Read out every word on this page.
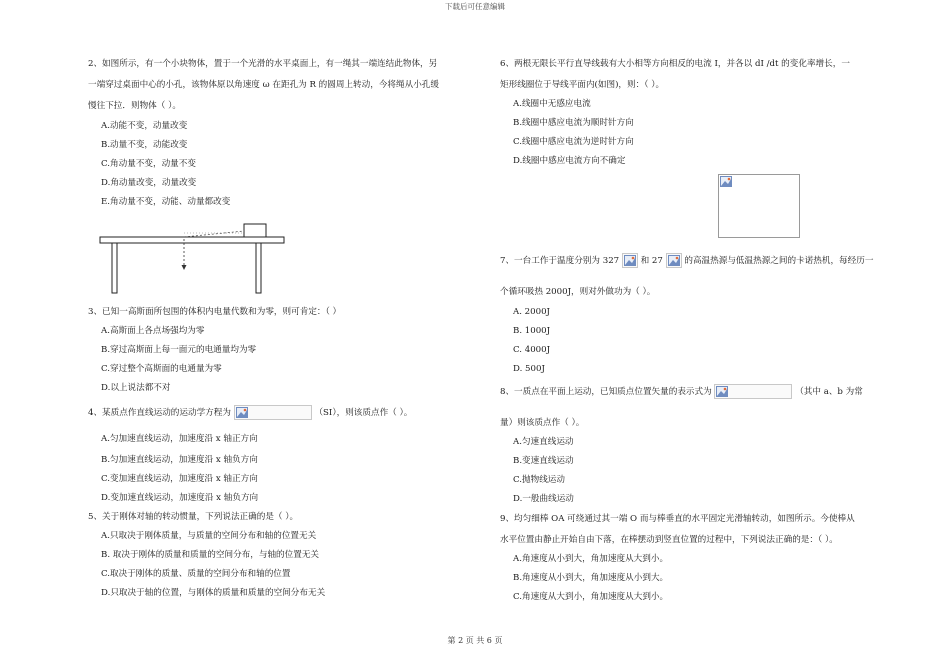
下载后可任意编辑
2、如图所示，有一个小块物体，置于一个光滑的水平桌面上，有一绳其一端连结此物体，另
一端穿过桌面中心的小孔，该物体原以角速度 ω 在距孔为 R 的圆周上转动，今将绳从小孔缓
慢往下拉．则物体（ ）。
A.动能不变，动量改变
B.动量不变，动能改变
C.角动量不变，动量不变
D.角动量改变，动量改变
E.角动量不变，动能、动量都改变
3、已知一高斯面所包围的体积内电量代数和为零，则可肯定：（ ）
A.高斯面上各点场强均为零
B.穿过高斯面上每一面元的电通量均为零
C.穿过整个高斯面的电通量为零
D.以上说法都不对
4、某质点作直线运动的运动学方程为	（SI），则该质点作（ ）。
A.匀加速直线运动，加速度沿 x 轴正方向
B.匀加速直线运动，加速度沿 x 轴负方向
C.变加速直线运动，加速度沿 x 轴正方向
D.变加速直线运动，加速度沿 x 轴负方向
5、关于刚体对轴的转动惯量，下列说法正确的是（ ）。
A.只取决于刚体质量，与质量的空间分布和轴的位置无关
B. 取决于刚体的质量和质量的空间分布，与轴的位置无关
C.取决于刚体的质量、质量的空间分布和轴的位置
D.只取决于轴的位置，与刚体的质量和质量的空间分布无关
6、两根无限长平行直导线载有大小相等方向相反的电流 I，并各以 dI /dt 的变化率增长，一
矩形线圈位于导线平面内(如图)，则：（ ）。
A.线圈中无感应电流
B.线圈中感应电流为顺时针方向
C.线圈中感应电流为逆时针方向
D.线圈中感应电流方向不确定
7、一台工作于温度分别为 327 和 27 的高温热源与低温热源之间的卡诺热机，每经历一
个循环吸热 2000J，则对外做功为（ ）。
A. 2000J
B. 1000J
C. 4000J
D. 500J
8、一质点在平面上运动，已知质点位置矢量的表示式为	（其中 a、b 为常
量）则该质点作（ ）。
A.匀速直线运动
B.变速直线运动
C.抛物线运动
D.一般曲线运动
9、均匀细棒 OA 可绕通过其一端 O 而与棒垂直的水平固定光滑轴转动，如图所示。今使棒从
水平位置由静止开始自由下落，在棒摆动到竖直位置的过程中，下列说法正确的是：（ ）。
A.角速度从小到大，角加速度从大到小。
B.角速度从小到大，角加速度从小到大。
C.角速度从大到小，角加速度从大到小。
第 2 页 共 6 页
